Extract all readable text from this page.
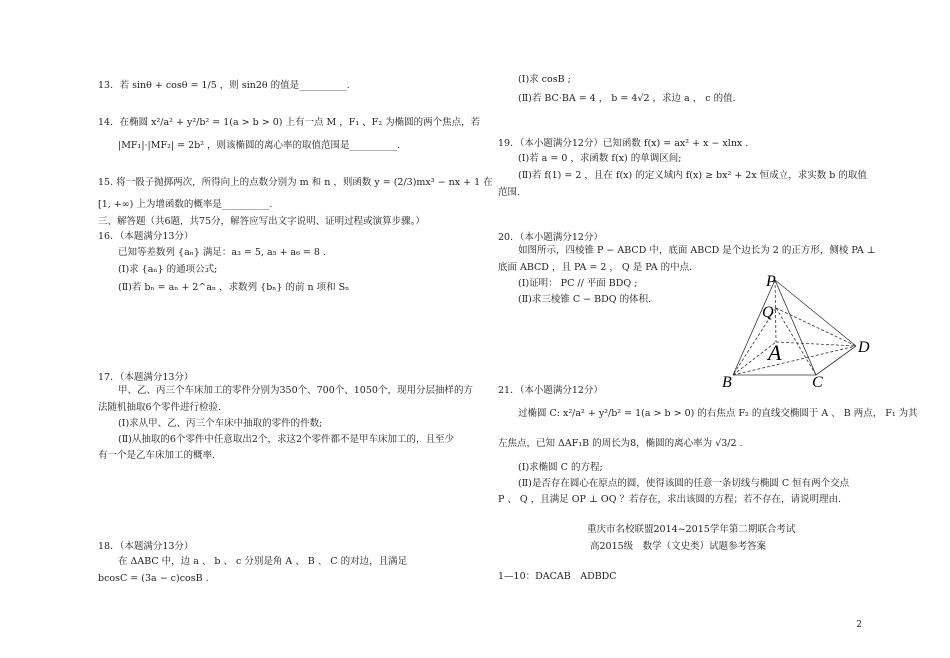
13．若 sinθ + cosθ = 1/5 ，则 sin2θ 的值是__________.
14．在椭圆 x²/a² + y²/b² = 1(a > b > 0) 上有一点 M ，F₁ 、F₂ 为椭圆的两个焦点，若
|MF₁|·|MF₂| = 2b² ，则该椭圆的离心率的取值范围是__________.
15. 将一骰子抛掷两次，所得向上的点数分别为 m 和 n ，则函数 y = (2/3)mx³ − nx + 1 在
[1, +∞) 上为增函数的概率是__________.
三、解答题（共6题，共75分，解答应写出文字说明、证明过程或演算步骤。）
16．（本题满分13分）
已知等差数列 {aₙ} 满足：a₃ = 5, a₅ + a₆ = 8 .
(Ⅰ)求 {aₙ} 的通项公式;
(Ⅱ)若 bₙ = aₙ + 2^aₙ ，求数列 {bₙ} 的前 n 项和 Sₙ
17．（本题满分13分）
甲、乙、丙三个车床加工的零件分别为350个、700个、1050个，现用分层抽样的方
法随机抽取6个零件进行检验.
(Ⅰ)求从甲、乙、丙三个车床中抽取的零件的件数;
(Ⅱ)从抽取的6个零件中任意取出2个，求这2个零件都不是甲车床加工的，且至少
有一个是乙车床加工的概率.
18．（本题满分13分）
在 ΔABC 中，边 a 、 b 、 c 分别是角 A 、 B 、 C 的对边，且满足
bcosC = (3a − c)cosB .
(Ⅰ)求 cosB ;
(Ⅱ)若 BC·BA = 4 ， b = 4√2 ，求边 a ， c 的值.
19．（本小题满分12分）已知函数 f(x) = ax² + x − xlnx .
(Ⅰ)若 a = 0 ，求函数 f(x) 的单调区间;
(Ⅱ)若 f(1) = 2 ，且在 f(x) 的定义域内 f(x) ≥ bx² + 2x 恒成立，求实数 b 的取值
范围.
20．（本小题满分12分）
如图所示，四棱锥 P − ABCD 中，底面 ABCD 是个边长为 2 的正方形，侧棱 PA ⊥
底面 ABCD ，且 PA = 2 ， Q 是 PA 的中点.
(Ⅰ)证明： PC // 平面 BDQ ;
(Ⅱ)求三棱锥 C − BDQ 的体积.
21．（本小题满分12分）
过椭圆 C: x²/a² + y²/b² = 1(a > b > 0) 的右焦点 F₂ 的直线交椭圆于 A 、 B 两点， F₁ 为其
左焦点，已知 ΔAF₁B 的周长为8，椭圆的离心率为 √3/2 .
(Ⅰ)求椭圆 C 的方程;
(Ⅱ)是否存在圆心在原点的圆，使得该圆的任意一条切线与椭圆 C 恒有两个交点
P 、 Q ，且满足 OP ⊥ OQ ？若存在，求出该圆的方程；若不存在，请说明理由.
重庆市名校联盟2014~2015学年第二期联合考试
高2015级　数学（文史类）试题参考答案
1—10：DACAB　ADBDC
P
Q
A
B	C
D
2
